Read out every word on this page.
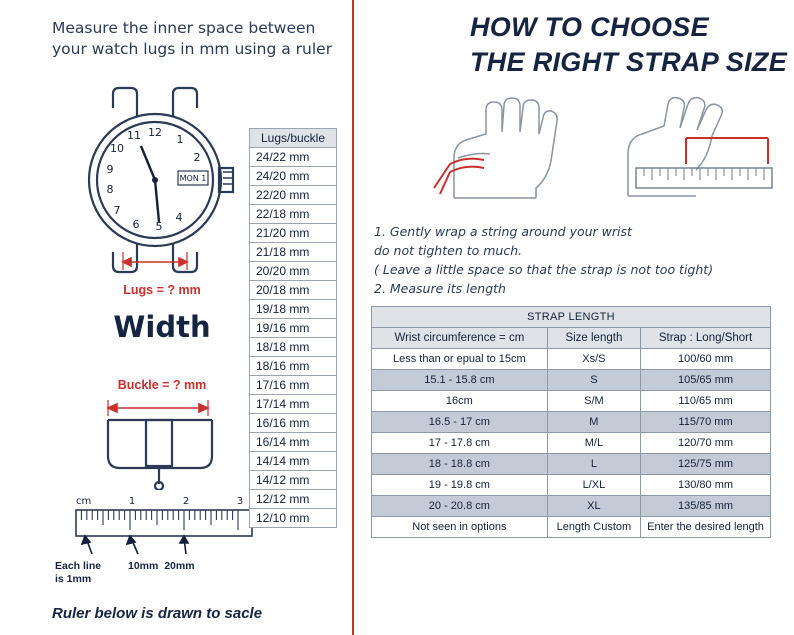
Measure the inner space between your watch lugs in mm using a ruler
12
1
2
4
5
6
7
8
9
10
11
MON 1
Lugs = ? mm
Width
Buckle = ? mm
cm	1	2	3
Each line
is 1mm
10mm 20mm
Ruler below is drawn to sacle
Lugs/buckle
24/22 mm
24/20 mm
22/20 mm
22/18 mm
21/20 mm
21/18 mm
20/20 mm
20/18 mm
19/18 mm
19/16 mm
18/18 mm
18/16 mm
17/16 mm
17/14 mm
16/16 mm
16/14 mm
14/14 mm
14/12 mm
12/12 mm
12/10 mm
HOW TO CHOOSE
THE RIGHT STRAP SIZE
1. Gently wrap a string around your wrist
do not tighten to much.
( Leave a little space so that the strap is not too tight)
2. Measure its length
STRAP LENGTH		
Wrist circumference = cm	Size length	Strap : Long/Short
Less than or epual to 15cm	Xs/S	100/60 mm
15.1 - 15.8 cm	S	105/65 mm
16cm	S/M	110/65 mm
16.5 - 17 cm	M	115/70 mm
17 - 17.8 cm	M/L	120/70 mm
18 - 18.8 cm	L	125/75 mm
19 - 19.8 cm	L/XL	130/80 mm
20 - 20.8 cm	XL	135/85 mm
Not seen in options	Length Custom	Enter the desired length
